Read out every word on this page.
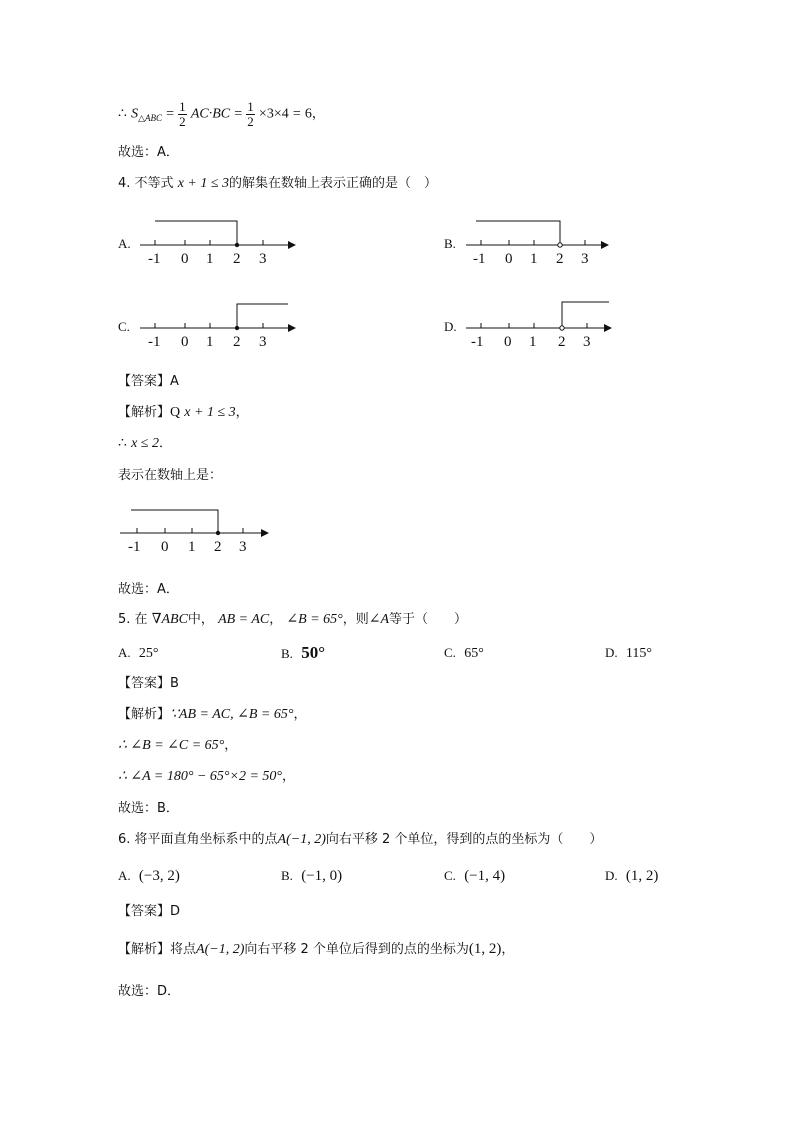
∴ $S_{\triangle ABC} = \frac{1}{2} AC\cdot BC = \frac{1}{2} \times 3\times 4 = 6$，
故选：A．
4. 不等式 x + 1 ≤ 3的解集在数轴上表示正确的是（　）
A.	B.
C.	D.
-1 0 1 2 3	-1 0 1 2 3
-1 0 1 2 3	-1 0 1 2 3
【答案】A
【解析】Q x + 1 ≤ 3，
∴ x ≤ 2．
表示在数轴上是：
-1 0 1 2 3
故选：A．
5. 在 ∇ABC中， AB = AC， ∠B = 65°，则∠A等于（　　）
A. 25°	B. 50°	C. 65°	D. 115°
【答案】B
【解析】∵AB = AC, ∠B = 65°，
∴ ∠B = ∠C = 65°，
∴ ∠A = 180° − 65°×2 = 50°，
故选：B．
6. 将平面直角坐标系中的点A(−1, 2)向右平移 2 个单位，得到的点的坐标为（　　）
A. (−3, 2)	B. (−1, 0)	C. (−1, 4)	D. (1, 2)
【答案】D
【解析】将点A(−1, 2)向右平移 2 个单位后得到的点的坐标为(1, 2)，
故选：D．
